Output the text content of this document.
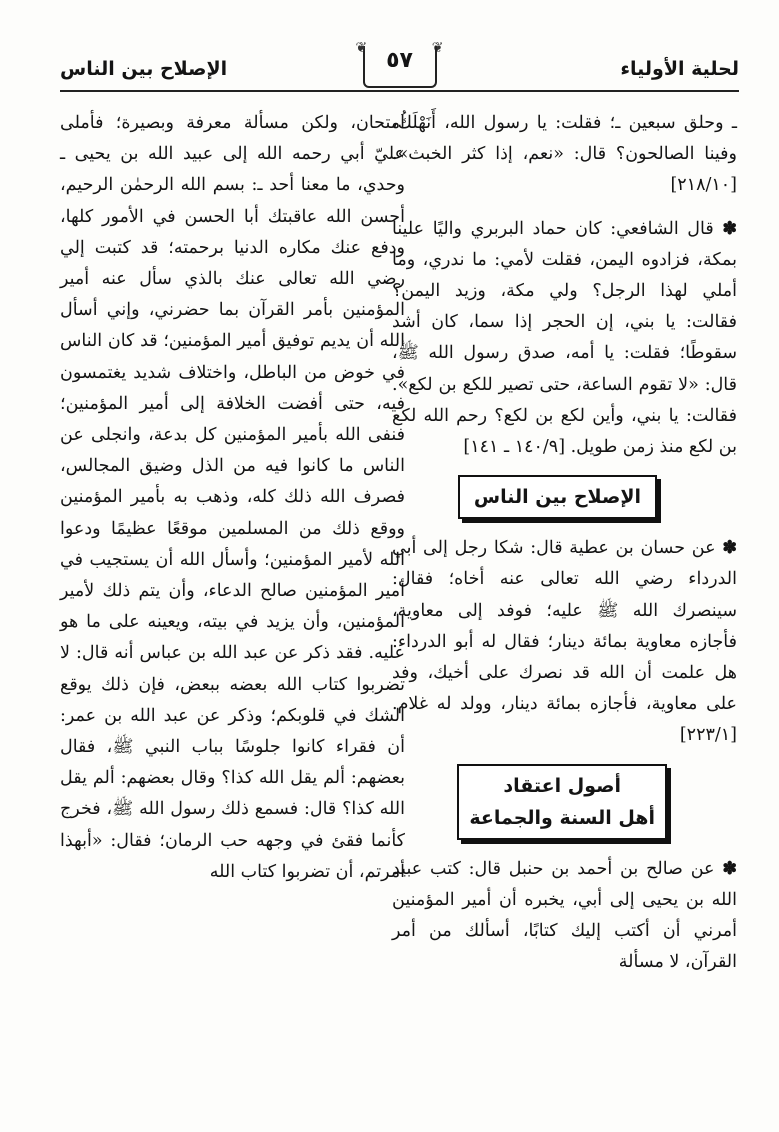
لحلية الأولياء
❦
٥٧
❦
الإصلاح بين الناس

ـ وحلق سبعين ـ؛ فقلت: يا رسول الله، أَنَهْلَكُ، وفينا الصالحون؟ قال: «نعم، إذا كثر الخبث». [٢١٨/١٠]

✽ قال الشافعي: كان حماد البربري واليًا علينا بمكة، فزادوه اليمن، فقلت لأمي: ما ندري، وما أملي لهذا الرجل؟ ولي مكة، وزيد اليمن؟ فقالت: يا بني، إن الحجر إذا سما، كان أشد سقوطًا؛ فقلت: يا أمه، صدق رسول الله ﷺ، قال: «لا تقوم الساعة، حتى تصير للكع بن لكع». فقالت: يا بني، وأين لكع بن لكع؟ رحم الله لكع بن لكع منذ زمن طويل. [١٤٠/٩ ـ ١٤١]

الإصلاح بين الناس

✽ عن حسان بن عطية قال: شكا رجل إلى أبي الدرداء رضي الله تعالى عنه أخاه؛ فقال: سينصرك الله ﷺ عليه؛ فوفد إلى معاوية، فأجازه معاوية بمائة دينار؛ فقال له أبو الدرداء: هل علمت أن الله قد نصرك على أخيك، وفد على معاوية، فأجازه بمائة دينار، وولد له غلام. [٢٢٣/١]

أصول اعتقاد
أهل السنة والجماعة

✽ عن صالح بن أحمد بن حنبل قال: كتب عبيد الله بن يحيى إلى أبي، يخبره أن أمير المؤمنين أمرني أن أكتب إليك كتابًا، أسألك من أمر القرآن، لا مسألة

امتحان، ولكن مسألة معرفة وبصيرة؛ فأملى عليّ أبي رحمه الله إلى عبيد الله بن يحيى ـ وحدي، ما معنا أحد ـ: بسم الله الرحمٰن الرحيم، أحسن الله عاقبتك أبا الحسن في الأمور كلها، ودفع عنك مكاره الدنيا برحمته؛ قد كتبت إلي رضي الله تعالى عنك بالذي سأل عنه أمير المؤمنين بأمر القرآن بما حضرني، وإني أسأل الله أن يديم توفيق أمير المؤمنين؛ قد كان الناس في خوض من الباطل، واختلاف شديد يغتمسون فيه، حتى أفضت الخلافة إلى أمير المؤمنين؛ فنفى الله بأمير المؤمنين كل بدعة، وانجلى عن الناس ما كانوا فيه من الذل وضيق المجالس، فصرف الله ذلك كله، وذهب به بأمير المؤمنين ووقع ذلك من المسلمين موقعًا عظيمًا ودعوا الله لأمير المؤمنين؛ وأسأل الله أن يستجيب في أمير المؤمنين صالح الدعاء، وأن يتم ذلك لأمير المؤمنين، وأن يزيد في بيته، ويعينه على ما هو عليه. فقد ذكر عن عبد الله بن عباس أنه قال: لا تضربوا كتاب الله بعضه ببعض، فإن ذلك يوقع الشك في قلوبكم؛ وذكر عن عبد الله بن عمر: أن فقراء كانوا جلوسًا بباب النبي ﷺ، فقال بعضهم: ألم يقل الله كذا؟ وقال بعضهم: ألم يقل الله كذا؟ قال: فسمع ذلك رسول الله ﷺ، فخرج كأنما فقئ في وجهه حب الرمان؛ فقال: «أبهذا أمرتم، أن تضربوا كتاب الله
